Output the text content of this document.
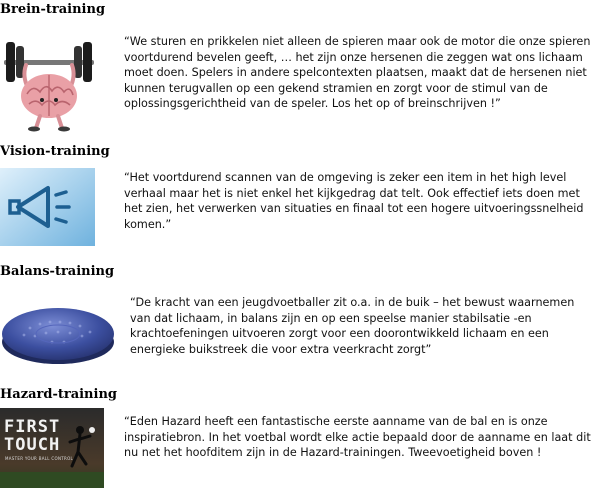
Brein-training
“We sturen en prikkelen niet alleen de spieren maar ook de motor die onze spieren voortdurend bevelen geeft, … het zijn onze hersenen die zeggen wat ons lichaam moet doen. Spelers in andere spelcontexten plaatsen, maakt dat de hersenen niet kunnen terugvallen op een gekend stramien en zorgt voor de stimul van de oplossingsgerichtheid van de speler. Los het op of breinschrijven !”
Vision-training
“Het voortdurend scannen van de omgeving is zeker een item in het high level verhaal maar het is niet enkel het kijkgedrag dat telt. Ook effectief iets doen met het zien, het verwerken van situaties en finaal tot een hogere uitvoeringssnelheid komen.”
Balans-training
“De kracht van een jeugdvoetballer zit o.a. in de buik – het bewust waarnemen van dat lichaam, in balans zijn en op een speelse manier stabilsatie -en krachtoefeningen uitvoeren zorgt voor een doorontwikkeld lichaam en een energieke buikstreek die voor extra veerkracht zorgt”
Hazard-training
FIRST
TOUCH
MASTER YOUR BALL CONTROL
“Eden Hazard heeft een fantastische eerste aanname van de bal en is onze inspiratiebron. In het voetbal wordt elke actie bepaald door de aanname en laat dit nu net het hoofditem zijn in de Hazard-trainingen. Tweevoetigheid boven !
